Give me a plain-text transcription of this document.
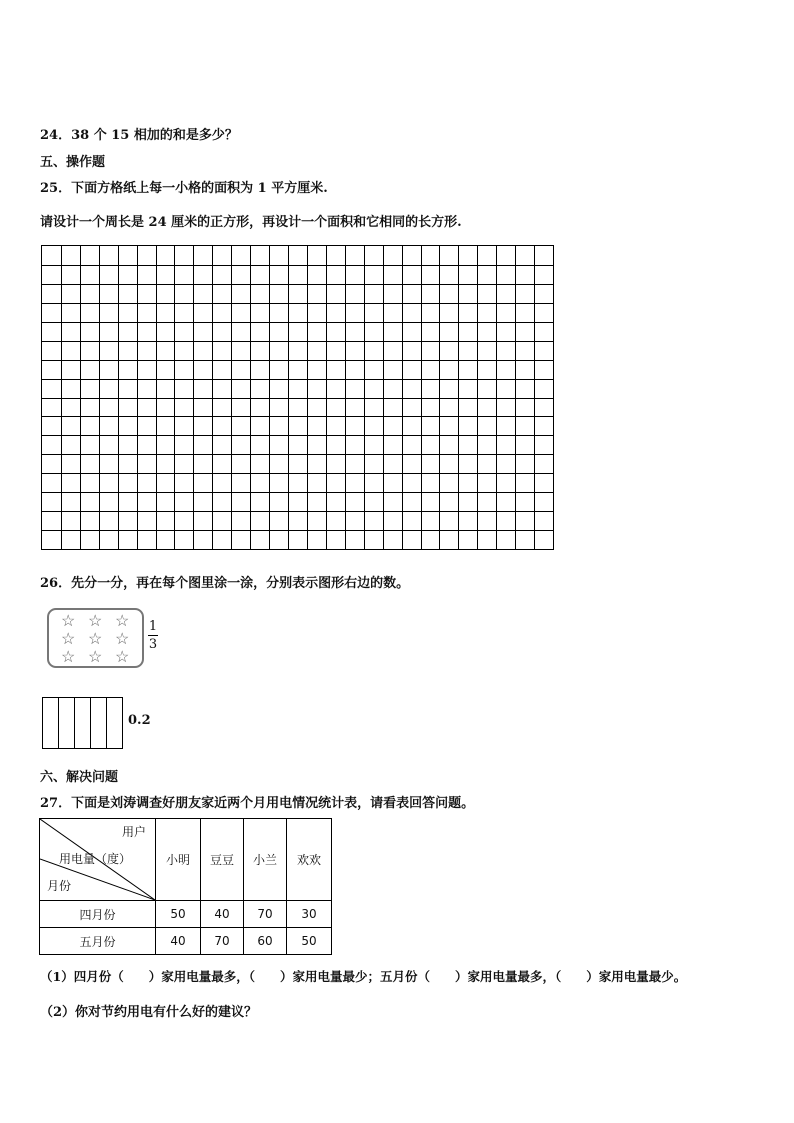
24．38 个 15 相加的和是多少？
五、操作题
25．下面方格纸上每一小格的面积为 1 平方厘米.
请设计一个周长是 24 厘米的正方形，再设计一个面积和它相同的长方形.
26．先分一分，再在每个图里涂一涂，分别表示图形右边的数。
☆ ☆ ☆
☆ ☆ ☆
☆ ☆ ☆
1
3
0.2
六、解决问题
27．下面是刘涛调查好朋友家近两个月用电情况统计表，请看表回答问题。
用户
用电量（度）
月份	小明	豆豆	小兰	欢欢
四月份	50	40	70	30
五月份	40	70	60	50
（1）四月份（　　）家用电量最多，（　　）家用电量最少；五月份（　　）家用电量最多，（　　）家用电量最少。
（2）你对节约用电有什么好的建议？
